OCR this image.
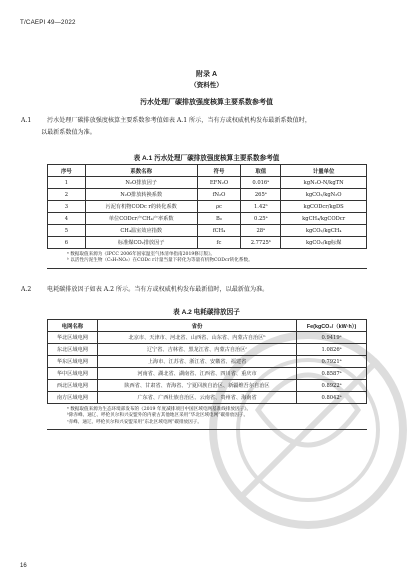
T/CAEPI 49—2022
附录 A
（资料性）
污水处理厂碳排放强度核算主要系数参考值
A.1	污水处理厂碳排放强度核算主要系数参考值如表 A.1 所示，当有方或权威机构发布最新系数值时，
以最新系数值为准。
表 A.1 污水处理厂碳排放强度核算主要系数参考值
序号	系数名称	符号	取值	计量单位
1	N₂O排放因子	EFN₂O	0.016ᵃ	kgN₂O-N/kgTN
2	N₂O排放转换系数	fN₂O	265ᵃ	kgCO₂/kgN₂O
3	污泥有机物CODc r的转化系数	ρc	1.42ᵇ	kgCODcr/kgDS
4	单位CODcr产CH₄产率系数	B₀	0.25ᵃ	kgCH₄/kgCODcr
5	CH₄温室效应指数	fCH₄	28ᵃ	kgCO₂/kgCH₄
6	标准煤CO₂排放因子	fc	2.7725ᵇ	kgCO₂/kg标煤
ᵃ 数据取值来源为《IPCC 2006年国家温室气体清单指南2019修订版》。
ᵇ 以活性污泥生物（C₅H₇NO₂）在CODc r计量当量下转化为等量有机物CODcr转化系数。
A.2	电耗碳排放因子如表 A.2 所示。当有方或权威机构发布最新值时，以最新值为准。
表 A.2 电耗碳排放因子
电网名称	省份	Fe(kgCO₂/（kW·h）)
华北区域电网	北京市、天津市、河北省、山西省、山东省、内蒙古自治区ᵇ	0.9419ᵃ
东北区域电网	辽宁省、吉林省、黑龙江省、内蒙古自治区ᶜ	1.0826ᵃ
华东区域电网	上海市、江苏省、浙江省、安徽省、福建省	0.7921ᵃ
华中区域电网	河南省、湖北省、湖南省、江西省、四川省、重庆市	0.8587ᵃ
西北区域电网	陕西省、甘肃省、青海省、宁夏回族自治区、新疆维吾尔自治区	0.8922ᵃ
南方区域电网	广东省、广西壮族自治区、云南省、贵州省、海南省	0.8042ᵃ
ᵃ 数据取值来源为生态环境部发布的《2019 年度减排项目中国区域电网基准线排放因子》。
ᵇ除赤峰、通辽、呼伦贝尔和兴安盟外的内蒙古其他地区采用“华北区域电网”碳排放因子。
ᶜ赤峰、通辽、呼伦贝尔和兴安盟采用“东北区域电网”碳排放因子。
16
